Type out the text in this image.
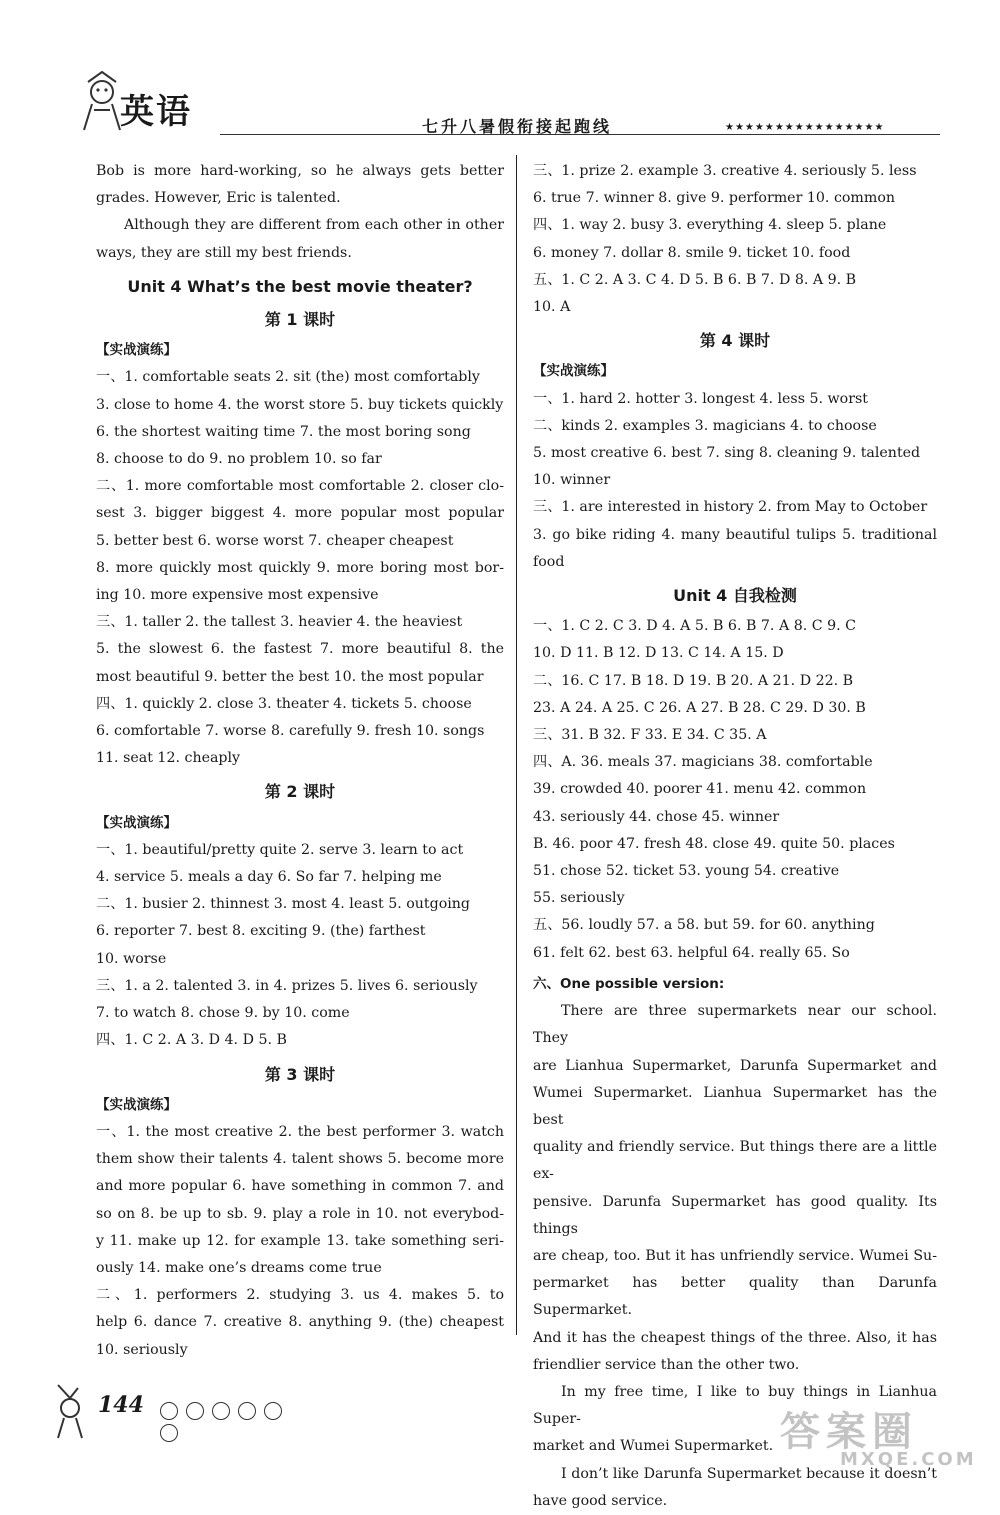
英语	七升八暑假衔接起跑线	★★★★★★★★★★★★★★★★
Bob is more hard-working, so he always gets better
grades. However, Eric is talented.
Although they are different from each other in other
ways, they are still my best friends.
Unit 4 What’s the best movie theater?
第 1 课时
【实战演练】
一、1. comfortable seats 2. sit (the) most comfortably
3. close to home 4. the worst store 5. buy tickets quickly
6. the shortest waiting time 7. the most boring song
8. choose to do 9. no problem 10. so far
二、1. more comfortable most comfortable 2. closer clo-
sest 3. bigger biggest 4. more popular most popular
5. better best 6. worse worst 7. cheaper cheapest
8. more quickly most quickly 9. more boring most bor-
ing 10. more expensive most expensive
三、1. taller 2. the tallest 3. heavier 4. the heaviest
5. the slowest 6. the fastest 7. more beautiful 8. the
most beautiful 9. better the best 10. the most popular
四、1. quickly 2. close 3. theater 4. tickets 5. choose
6. comfortable 7. worse 8. carefully 9. fresh 10. songs
11. seat 12. cheaply
第 2 课时
【实战演练】
一、1. beautiful/pretty quite 2. serve 3. learn to act
4. service 5. meals a day 6. So far 7. helping me
二、1. busier 2. thinnest 3. most 4. least 5. outgoing
6. reporter 7. best 8. exciting 9. (the) farthest
10. worse
三、1. a 2. talented 3. in 4. prizes 5. lives 6. seriously
7. to watch 8. chose 9. by 10. come
四、1. C 2. A 3. D 4. D 5. B
第 3 课时
【实战演练】
一、1. the most creative 2. the best performer 3. watch
them show their talents 4. talent shows 5. become more
and more popular 6. have something in common 7. and
so on 8. be up to sb. 9. play a role in 10. not everybod-
y 11. make up 12. for example 13. take something seri-
ously 14. make one’s dreams come true
二、1. performers 2. studying 3. us 4. makes 5. to
help 6. dance 7. creative 8. anything 9. (the) cheapest
10. seriously
三、1. prize 2. example 3. creative 4. seriously 5. less
6. true 7. winner 8. give 9. performer 10. common
四、1. way 2. busy 3. everything 4. sleep 5. plane
6. money 7. dollar 8. smile 9. ticket 10. food
五、1. C 2. A 3. C 4. D 5. B 6. B 7. D 8. A 9. B
10. A
第 4 课时
【实战演练】
一、1. hard 2. hotter 3. longest 4. less 5. worst
二、kinds 2. examples 3. magicians 4. to choose
5. most creative 6. best 7. sing 8. cleaning 9. talented
10. winner
三、1. are interested in history 2. from May to October
3. go bike riding 4. many beautiful tulips 5. traditional
food
Unit 4 自我检测
一、1. C 2. C 3. D 4. A 5. B 6. B 7. A 8. C 9. C
10. D 11. B 12. D 13. C 14. A 15. D
二、16. C 17. B 18. D 19. B 20. A 21. D 22. B
23. A 24. A 25. C 26. A 27. B 28. C 29. D 30. B
三、31. B 32. F 33. E 34. C 35. A
四、A. 36. meals 37. magicians 38. comfortable
39. crowded 40. poorer 41. menu 42. common
43. seriously 44. chose 45. winner
B. 46. poor 47. fresh 48. close 49. quite 50. places
51. chose 52. ticket 53. young 54. creative
55. seriously
五、56. loudly 57. a 58. but 59. for 60. anything
61. felt 62. best 63. helpful 64. really 65. So
六、One possible version:
There are three supermarkets near our school. They
are Lianhua Supermarket, Darunfa Supermarket and
Wumei Supermarket. Lianhua Supermarket has the best
quality and friendly service. But things there are a little ex-
pensive. Darunfa Supermarket has good quality. Its things
are cheap, too. But it has unfriendly service. Wumei Su-
permarket has better quality than Darunfa Supermarket.
And it has the cheapest things of the three. Also, it has
friendlier service than the other two.
In my free time, I like to buy things in Lianhua Super-
market and Wumei Supermarket.
I don’t like Darunfa Supermarket because it doesn’t
have good service.
144
答案圈
MXQE.COM
